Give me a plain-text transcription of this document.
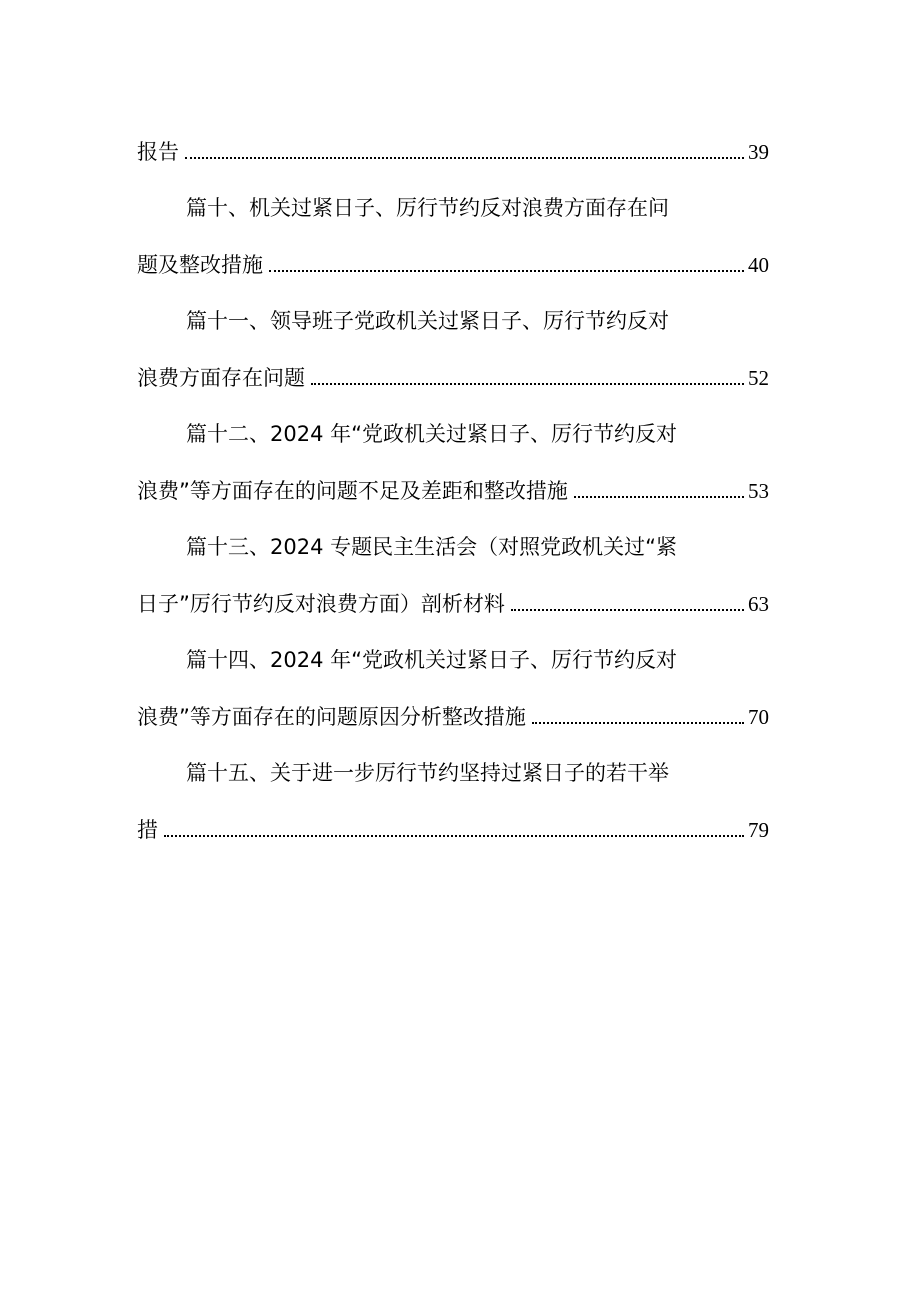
报告	39
篇十、机关过紧日子、厉行节约反对浪费方面存在问
题及整改措施	40
篇十一、领导班子党政机关过紧日子、厉行节约反对
浪费方面存在问题	52
篇十二、2024 年“党政机关过紧日子、厉行节约反对
浪费”等方面存在的问题不足及差距和整改措施	53
篇十三、2024 专题民主生活会（对照党政机关过“紧
日子”厉行节约反对浪费方面）剖析材料	63
篇十四、2024 年“党政机关过紧日子、厉行节约反对
浪费”等方面存在的问题原因分析整改措施	70
篇十五、关于进一步厉行节约坚持过紧日子的若干举
措	79
